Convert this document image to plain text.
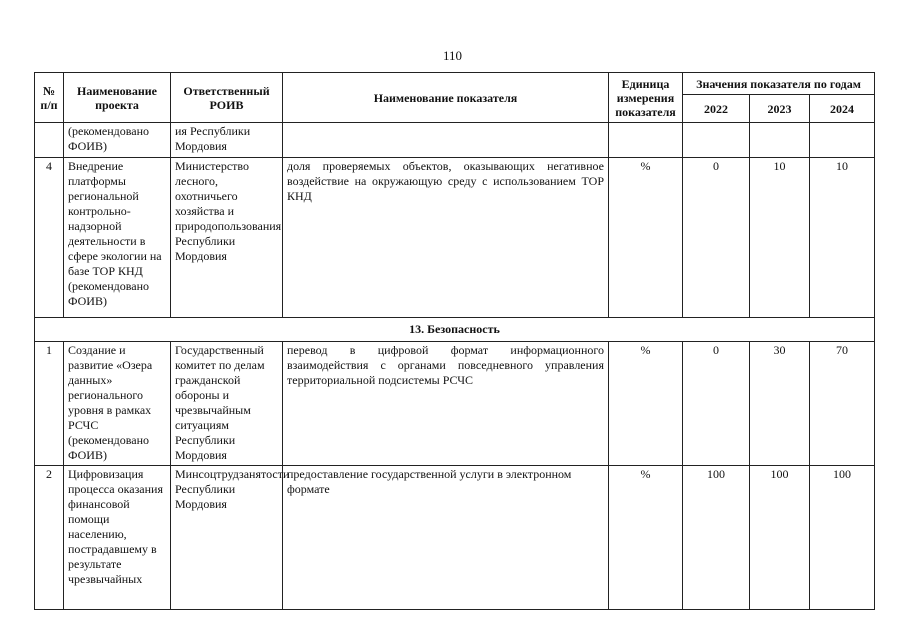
110
№ п/п	Наименование проекта	Ответственный РОИВ	Наименование показателя	Единица измерения показателя	Значения показателя по годам		
					2022	2023	2024
	(рекомендовано ФОИВ)	ия Республики Мордовия					
4	Внедрение платформы региональной контрольно-надзорной деятельности в сфере экологии на базе ТОР КНД (рекомендовано ФОИВ)	Министерство лесного, охотничьего хозяйства и природопользования Республики Мордовия	доля проверяемых объектов, оказывающих негативное воздействие на окружающую среду с использованием ТОР КНД	%	0	10	10
13. Безопасность							
1	Создание и развитие «Озера данных» регионального уровня в рамках РСЧС (рекомендовано ФОИВ)	Государственный комитет по делам гражданской обороны и чрезвычайным ситуациям Республики Мордовия	перевод в цифровой формат информационного взаимодействия с органами повседневного управления территориальной подсистемы РСЧС	%	0	30	70
2	Цифровизация процесса оказания финансовой помощи населению, пострадавшему в результате чрезвычайных	Минсоцтрудзанятости Республики Мордовия	предоставление государственной услуги в электронном формате	%	100	100	100
